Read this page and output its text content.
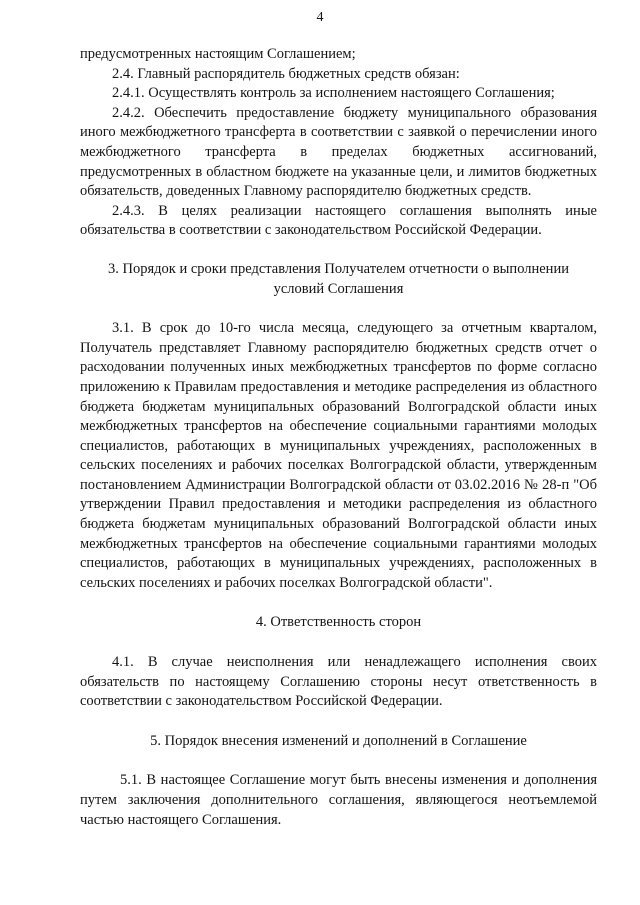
4

предусмотренных настоящим Соглашением;

2.4. Главный распорядитель бюджетных средств обязан:

2.4.1. Осуществлять контроль за исполнением настоящего Соглашения;

2.4.2. Обеспечить предоставление бюджету муниципального образования иного межбюджетного трансферта в соответствии с заявкой о перечислении иного межбюджетного трансферта в пределах бюджетных ассигнований, предусмотренных в областном бюджете на указанные цели, и лимитов бюджетных обязательств, доведенных Главному распорядителю бюджетных средств.

2.4.3. В целях реализации настоящего соглашения выполнять иные обязательства в соответствии с законодательством Российской Федерации.

3. Порядок и сроки представления Получателем отчетности о выполнении условий Соглашения

3.1. В срок до 10-го числа месяца, следующего за отчетным кварталом, Получатель представляет Главному распорядителю бюджетных средств отчет о расходовании полученных иных межбюджетных трансфертов по форме согласно приложению к Правилам предоставления и методике распределения из областного бюджета бюджетам муниципальных образований Волгоградской области иных межбюджетных трансфертов на обеспечение социальными гарантиями молодых специалистов, работающих в муниципальных учреждениях, расположенных в сельских поселениях и рабочих поселках Волгоградской области, утвержденным постановлением Администрации Волгоградской области от 03.02.2016 № 28-п "Об утверждении Правил предоставления и методики распределения из областного бюджета бюджетам муниципальных образований Волгоградской области иных межбюджетных трансфертов на обеспечение социальными гарантиями молодых специалистов, работающих в муниципальных учреждениях, расположенных в сельских поселениях и рабочих поселках Волгоградской области".

4. Ответственность сторон

4.1. В случае неисполнения или ненадлежащего исполнения своих обязательств по настоящему Соглашению стороны несут ответственность в соответствии с законодательством Российской Федерации.

5. Порядок внесения изменений и дополнений в Соглашение

5.1. В настоящее Соглашение могут быть внесены изменения и дополнения путем заключения дополнительного соглашения, являющегося неотъемлемой частью настоящего Соглашения.
